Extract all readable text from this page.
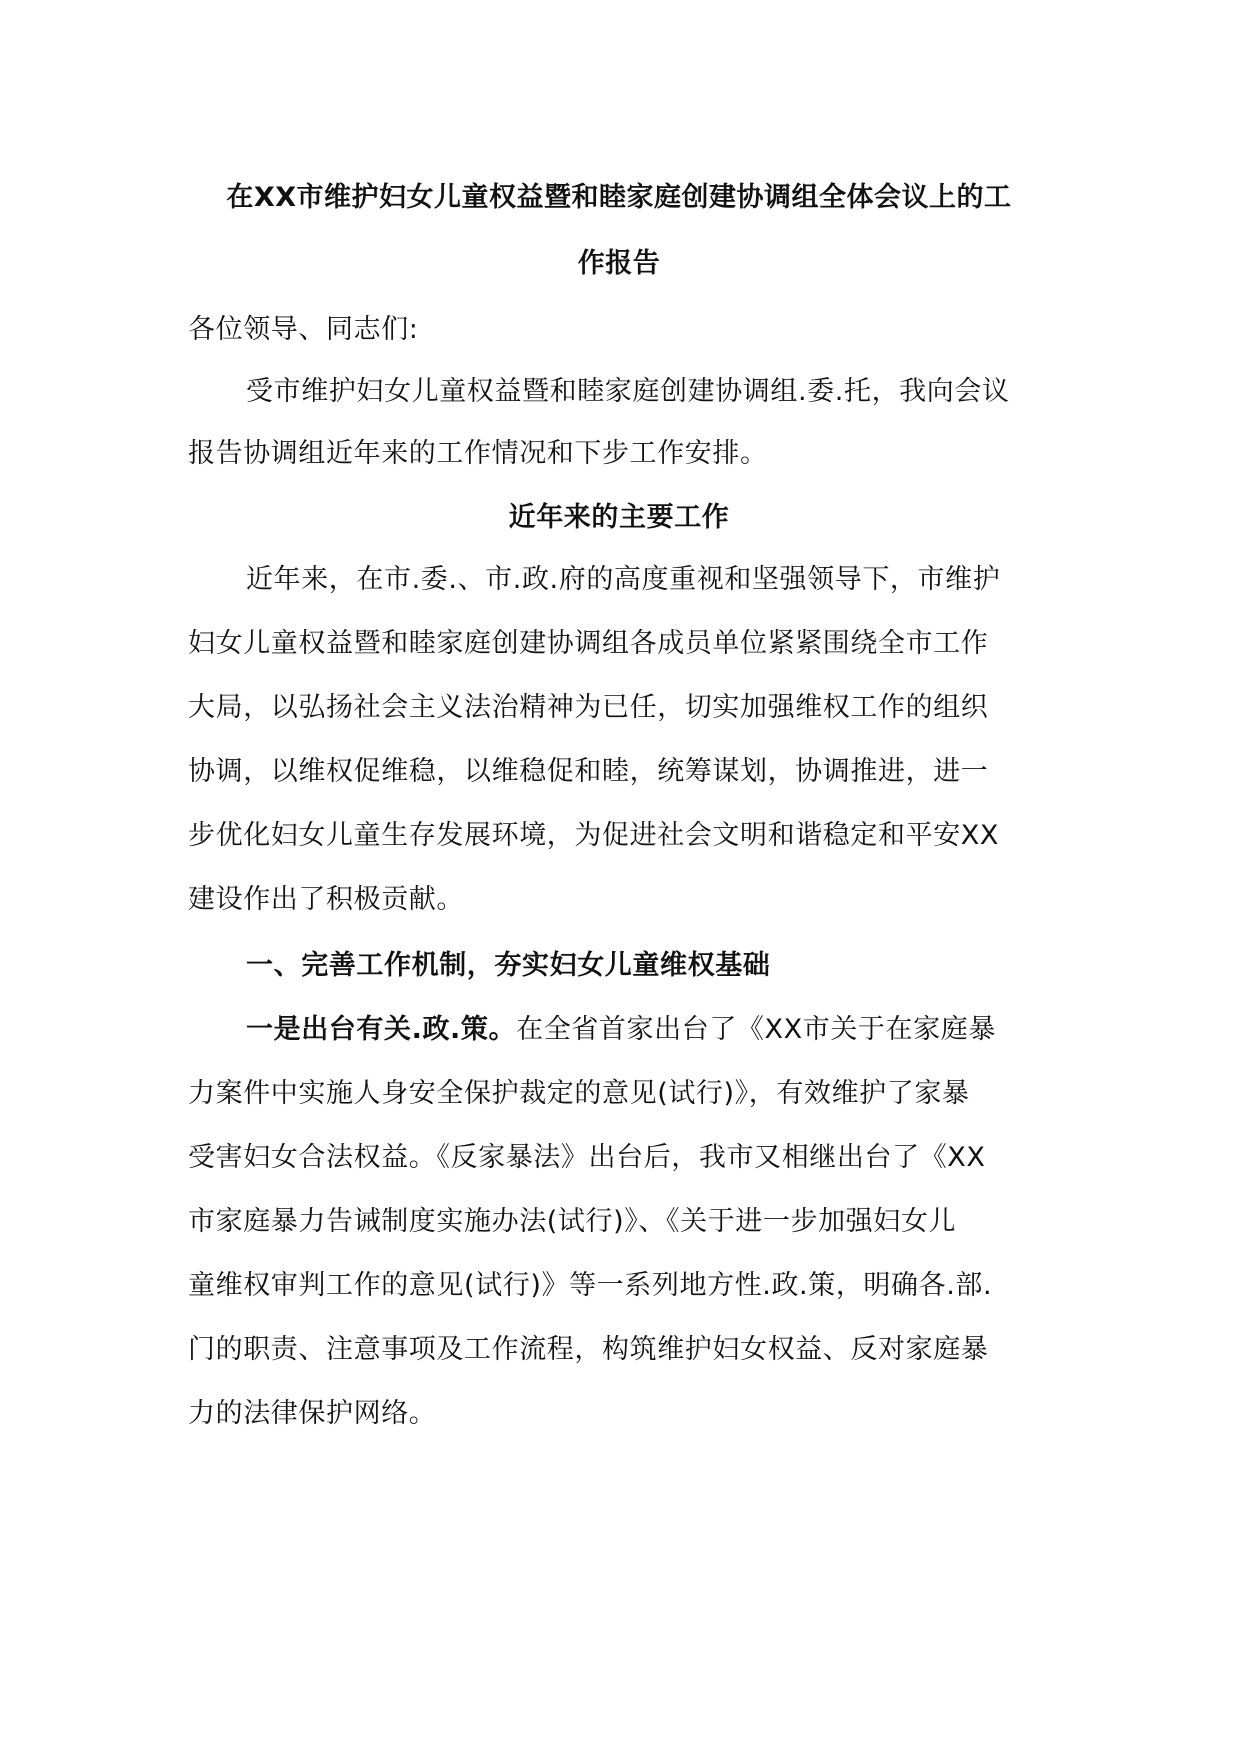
在XX市维护妇女儿童权益暨和睦家庭创建协调组全体会议上的工
作报告
各位领导、同志们:
受市维护妇女儿童权益暨和睦家庭创建协调组.委.托，我向会议
报告协调组近年来的工作情况和下步工作安排。
近年来的主要工作
近年来，在市.委.、市.政.府的高度重视和坚强领导下，市维护
妇女儿童权益暨和睦家庭创建协调组各成员单位紧紧围绕全市工作
大局，以弘扬社会主义法治精神为已任，切实加强维权工作的组织
协调，以维权促维稳，以维稳促和睦，统筹谋划，协调推进，进一
步优化妇女儿童生存发展环境，为促进社会文明和谐稳定和平安XX
建设作出了积极贡献。
一、完善工作机制，夯实妇女儿童维权基础
一是出台有关.政.策。在全省首家出台了《XX市关于在家庭暴
力案件中实施人身安全保护裁定的意见(试行)》，有效维护了家暴
受害妇女合法权益。《反家暴法》出台后，我市又相继出台了《XX
市家庭暴力告诫制度实施办法(试行)》、《关于进一步加强妇女儿
童维权审判工作的意见(试行)》等一系列地方性.政.策，明确各.部.
门的职责、注意事项及工作流程，构筑维护妇女权益、反对家庭暴
力的法律保护网络。
